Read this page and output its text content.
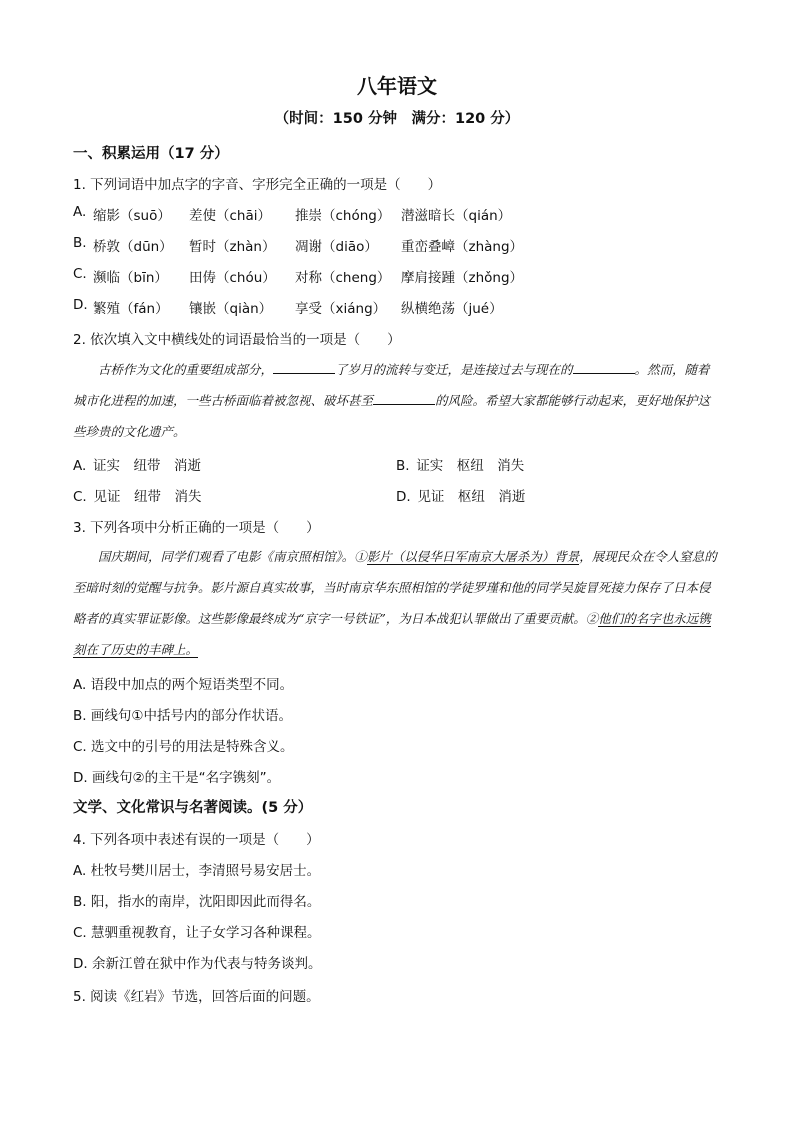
八年语文
（时间：150 分钟　满分：120 分）
一、积累运用（17 分）
1. 下列词语中加点字的字音、字形完全正确的一项是（　　）
A. 缩影（suō） 差使（chāi） 推崇（chóng） 潜滋暗长（qián）
B. 桥敦（dūn） 暂时（zhàn） 凋谢（diāo） 重峦叠嶂（zhàng）
C. 濒临（bīn） 田俦（chóu） 对称（cheng） 摩肩接踵（zhǒng）
D. 繁殖（fán） 镶嵌（qiàn） 享受（xiáng） 纵横绝荡（jué）
2. 依次填入文中横线处的词语最恰当的一项是（　　）
古桥作为文化的重要组成部分，	了岁月的流转与变迁，是连接过去与现在的	。然而，随着城市化进程的加速，一些古桥面临着被忽视、破坏甚至	的风险。希望大家都能够行动起来，更好地保护这些珍贵的文化遗产。
A.  证实　纽带　消逝	B.  证实　枢纽　消失
C.  见证　纽带　消失	D.  见证　枢纽　消逝
3. 下列各项中分析正确的一项是（　　）
国庆期间，同学们观看了电影《南京照相馆》。①影片（以侵华日军南京大屠杀为）背景，展现民众在令人窒息的至暗时刻的觉醒与抗争。影片源自真实故事，当时南京华东照相馆的学徒罗瑾和他的同学吴旋冒死接力保存了日本侵略者的真实罪证影像。这些影像最终成为“京字一号铁证”，为日本战犯认罪做出了重要贡献。②他们的名字也永远镌刻在了历史的丰碑上。
A. 语段中加点的两个短语类型不同。
B. 画线句①中括号内的部分作状语。
C. 选文中的引号的用法是特殊含义。
D. 画线句②的主干是“名字镌刻”。
文学、文化常识与名著阅读。(5 分）
4. 下列各项中表述有误的一项是（　　）
A. 杜牧号樊川居士，李清照号易安居士。
B. 阳，指水的南岸，沈阳即因此而得名。
C. 慧驷重视教育，让子女学习各种课程。
D. 余新江曾在狱中作为代表与特务谈判。
5. 阅读《红岩》节选，回答后面的问题。
